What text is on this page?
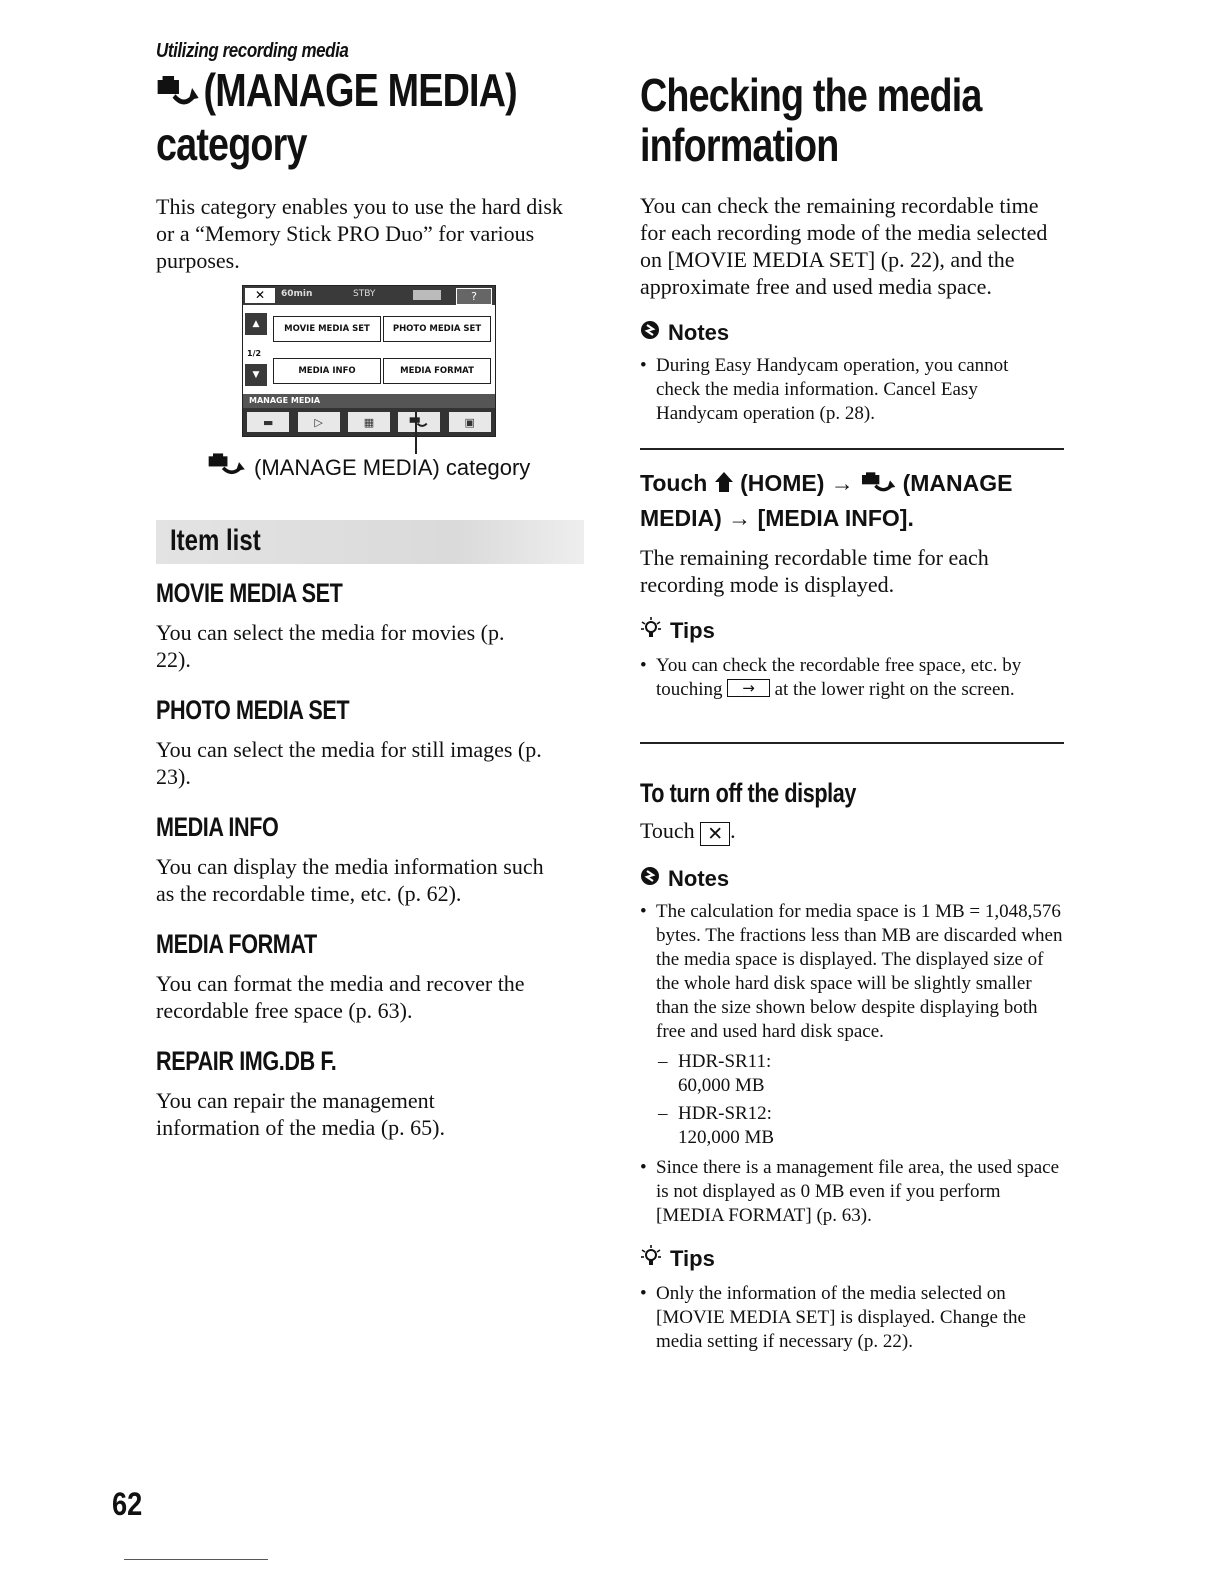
Utilizing recording media
(MANAGE MEDIA)
category

This category enables you to use the hard disk or a “Memory Stick PRO Duo” for various purposes.

✕	60min	STBY	?
▲
1/2
▼
MOVIE MEDIA SET	PHOTO MEDIA SET
MEDIA INFO	MEDIA FORMAT
MANAGE MEDIA
▬	▷	▦	▣
(MANAGE MEDIA) category
Item list
MOVIE MEDIA SET

You can select the media for movies (p. 22).

PHOTO MEDIA SET

You can select the media for still images (p. 23).

MEDIA INFO

You can display the media information such as the recordable time, etc. (p. 62).

MEDIA FORMAT

You can format the media and recover the recordable free space (p. 63).

REPAIR IMG.DB F.

You can repair the management information of the media (p. 65).

Checking the media
information

You can check the remaining recordable time for each recording mode of the media selected on [MOVIE MEDIA SET] (p. 22), and the approximate free and used media space.

Notes
• During Easy Handycam operation, you cannot check the media information. Cancel Easy Handycam operation (p. 28).
Touch (HOME) → (MANAGE MEDIA) → [MEDIA INFO].

The remaining recordable time for each recording mode is displayed.

Tips
• You can check the recordable free space, etc. by touching → at the lower right on the screen.
To turn off the display

Touch ✕ .

Notes
• The calculation for media space is 1 MB = 1,048,576 bytes. The fractions less than MB are discarded when the media space is displayed. The displayed size of the whole hard disk space will be slightly smaller than the size shown below despite displaying both free and used hard disk space.
– HDR-SR11:
60,000 MB
– HDR-SR12:
120,000 MB
• Since there is a management file area, the used space is not displayed as 0 MB even if you perform [MEDIA FORMAT] (p. 63).
Tips
• Only the information of the media selected on [MOVIE MEDIA SET] is displayed. Change the media setting if necessary (p. 22).
62
